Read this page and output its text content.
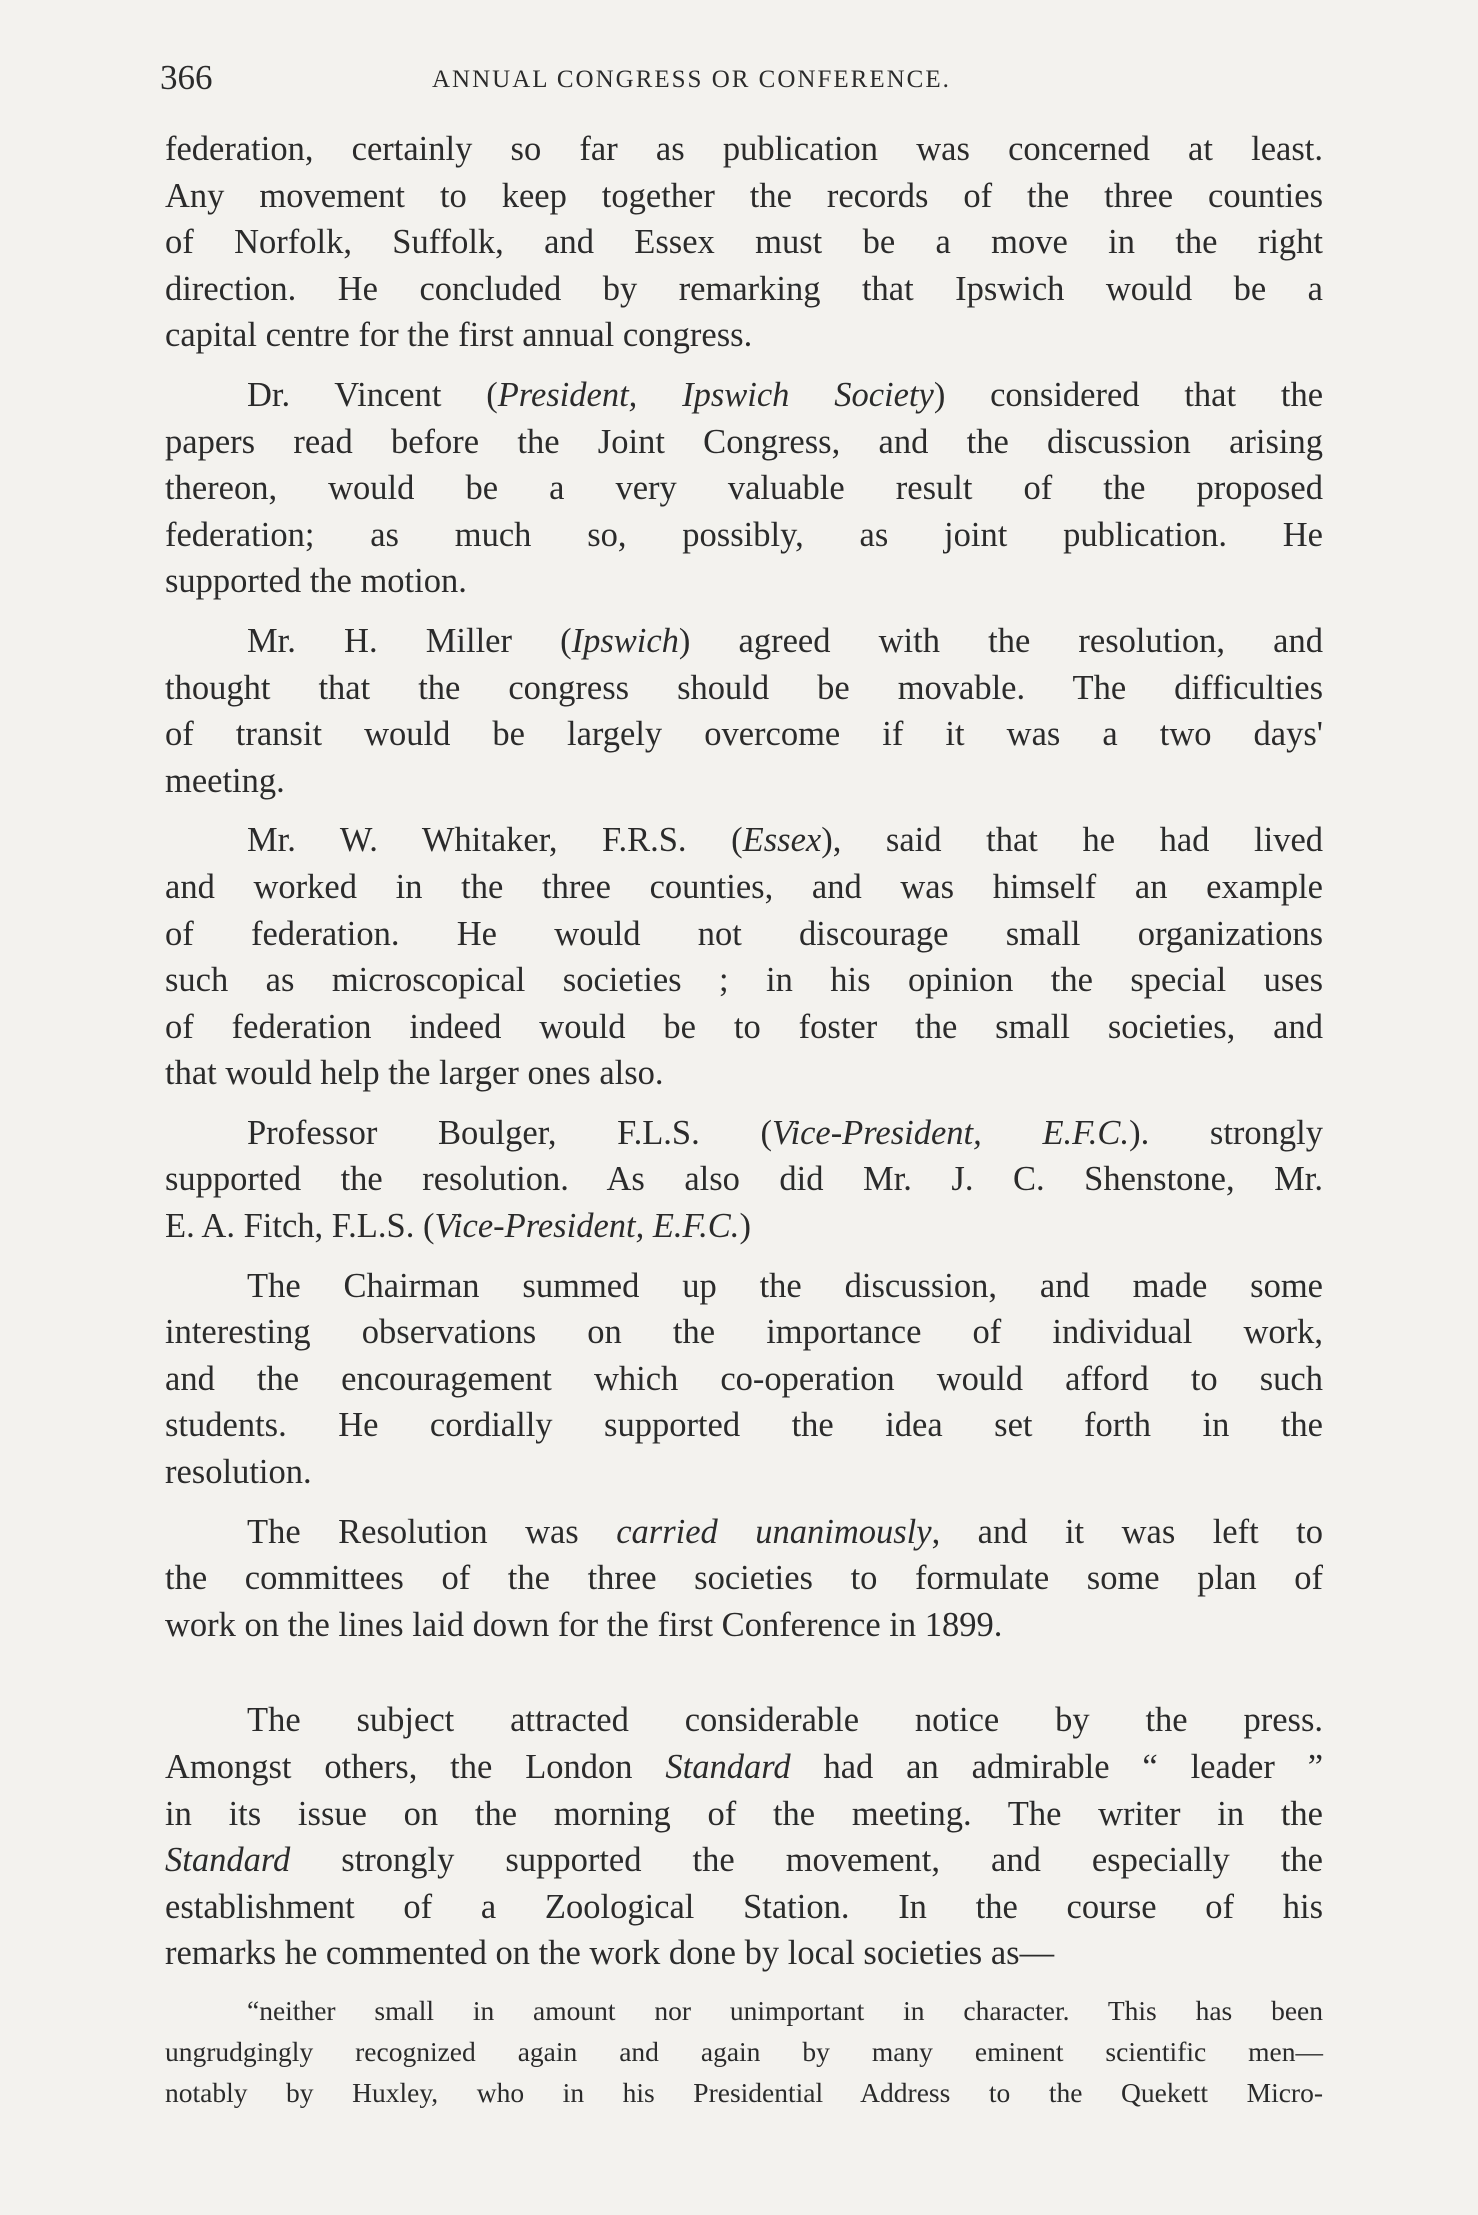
366	ANNUAL CONGRESS OR CONFERENCE.

federation, certainly so far as publication was concerned at least.
Any movement to keep together the records of the three counties
of Norfolk, Suffolk, and Essex must be a move in the right
direction. He concluded by remarking that Ipswich would be a
capital centre for the first annual congress.

Dr. Vincent (President, Ipswich Society) considered that the
papers read before the Joint Congress, and the discussion arising
thereon, would be a very valuable result of the proposed
federation; as much so, possibly, as joint publication. He
supported the motion.

Mr. H. Miller (Ipswich) agreed with the resolution, and
thought that the congress should be movable. The difficulties
of transit would be largely overcome if it was a two days'
meeting.

Mr. W. Whitaker, F.R.S. (Essex), said that he had lived
and worked in the three counties, and was himself an example
of federation. He would not discourage small organizations
such as microscopical societies ; in his opinion the special uses
of federation indeed would be to foster the small societies, and
that would help the larger ones also.

Professor Boulger, F.L.S. (Vice-President, E.F.C.). strongly
supported the resolution. As also did Mr. J. C. Shenstone, Mr.
E. A. Fitch, F.L.S. (Vice-President, E.F.C.)

The Chairman summed up the discussion, and made some
interesting observations on the importance of individual work,
and the encouragement which co-operation would afford to such
students. He cordially supported the idea set forth in the
resolution.

The Resolution was carried unanimously, and it was left to
the committees of the three societies to formulate some plan of
work on the lines laid down for the first Conference in 1899.

The subject attracted considerable notice by the press.
Amongst others, the London Standard had an admirable “ leader ”
in its issue on the morning of the meeting. The writer in the
Standard strongly supported the movement, and especially the
establishment of a Zoological Station. In the course of his
remarks he commented on the work done by local societies as—

“neither small in amount nor unimportant in character. This has been
ungrudgingly recognized again and again by many eminent scientific men—
notably by Huxley, who in his Presidential Address to the Quekett Micro-
